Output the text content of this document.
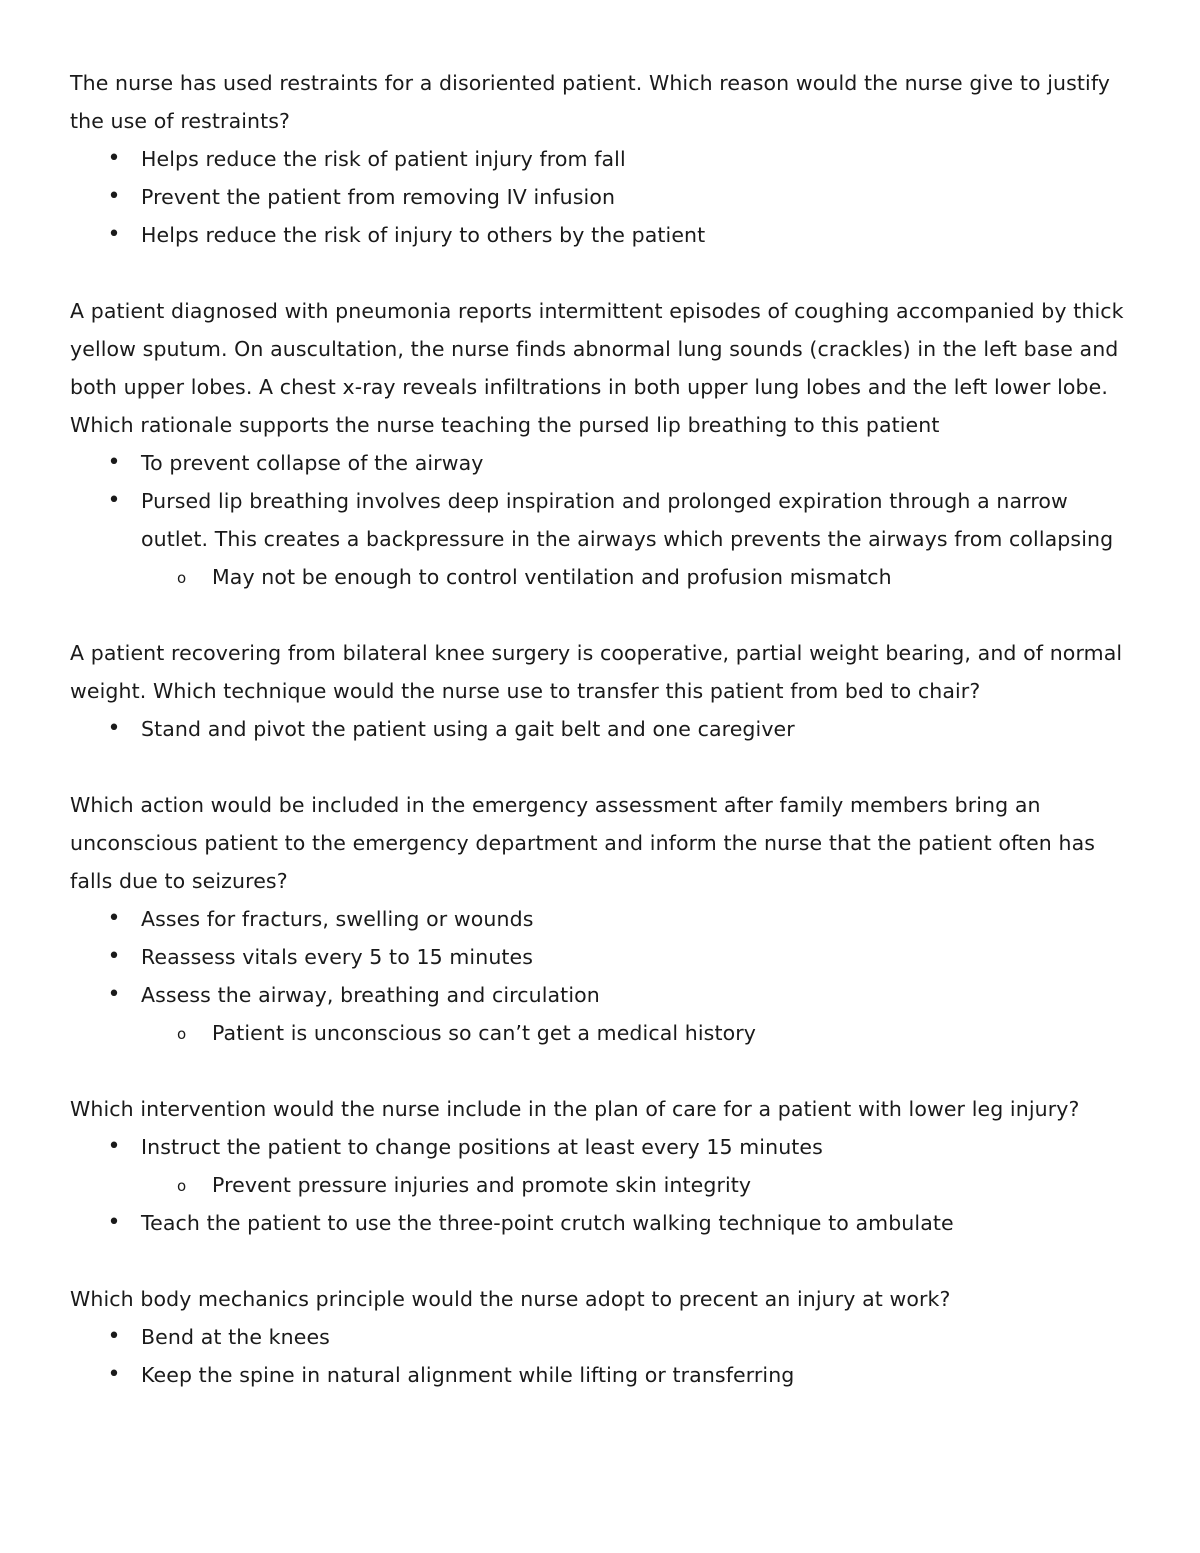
The nurse has used restraints for a disoriented patient. Which reason would the nurse give to justify the use of restraints?

• Helps reduce the risk of patient injury from fall
• Prevent the patient from removing IV infusion
• Helps reduce the risk of injury to others by the patient

A patient diagnosed with pneumonia reports intermittent episodes of coughing accompanied by thick yellow sputum. On auscultation, the nurse finds abnormal lung sounds (crackles) in the left base and both upper lobes. A chest x-ray reveals infiltrations in both upper lung lobes and the left lower lobe. Which rationale supports the nurse teaching the pursed lip breathing to this patient

• To prevent collapse of the airway
• Pursed lip breathing involves deep inspiration and prolonged expiration through a narrow outlet. This creates a backpressure in the airways which prevents the airways from collapsing
o May not be enough to control ventilation and profusion mismatch

A patient recovering from bilateral knee surgery is cooperative, partial weight bearing, and of normal weight. Which technique would the nurse use to transfer this patient from bed to chair?

• Stand and pivot the patient using a gait belt and one caregiver

Which action would be included in the emergency assessment after family members bring an unconscious patient to the emergency department and inform the nurse that the patient often has falls due to seizures?

• Asses for fracturs, swelling or wounds
• Reassess vitals every 5 to 15 minutes
• Assess the airway, breathing and circulation
o Patient is unconscious so can’t get a medical history

Which intervention would the nurse include in the plan of care for a patient with lower leg injury?

• Instruct the patient to change positions at least every 15 minutes
o Prevent pressure injuries and promote skin integrity
• Teach the patient to use the three-point crutch walking technique to ambulate

Which body mechanics principle would the nurse adopt to precent an injury at work?

• Bend at the knees
• Keep the spine in natural alignment while lifting or transferring
